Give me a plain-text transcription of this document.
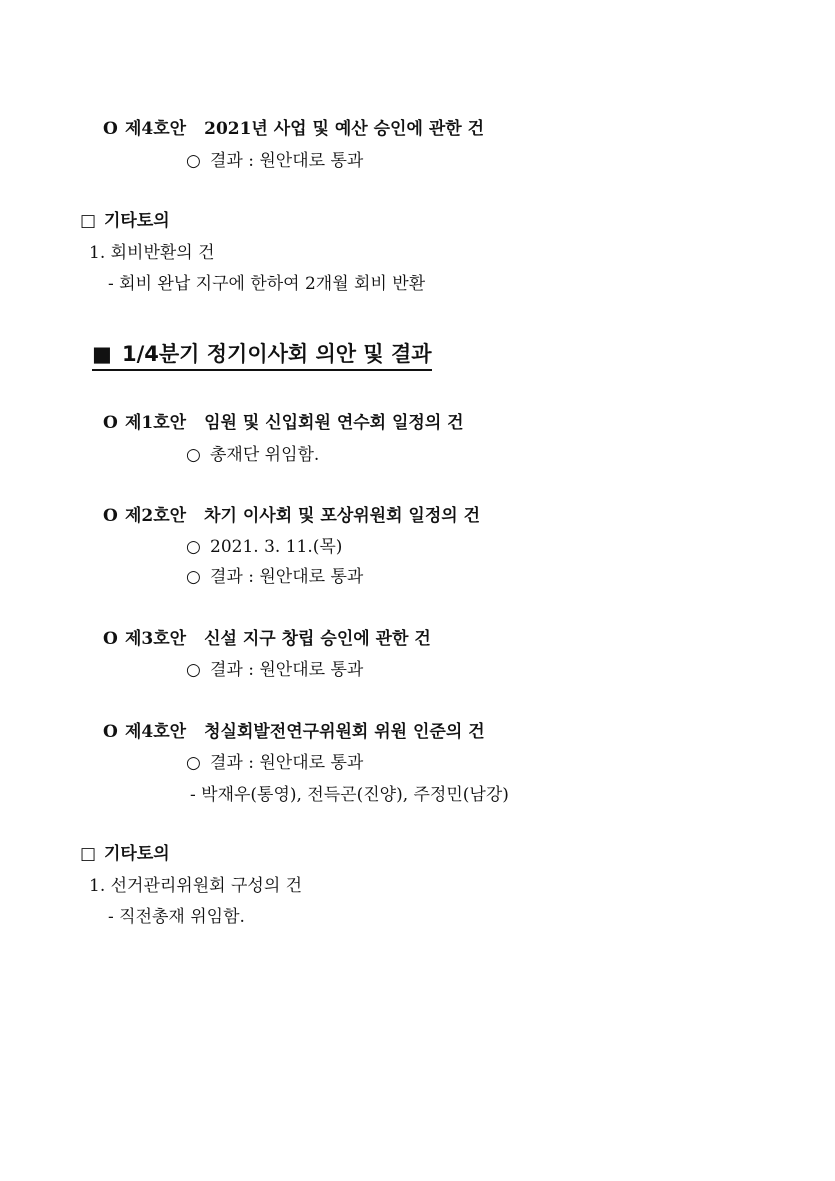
O 제4호안 2021년 사업 및 예산 승인에 관한 건
○ 결과 : 원안대로 통과
□ 기타토의
1. 회비반환의 건
- 회비 완납 지구에 한하여 2개월 회비 반환
■ 1/4분기 정기이사회 의안 및 결과
O 제1호안 임원 및 신입회원 연수회 일정의 건
○ 총재단 위임함.
O 제2호안 차기 이사회 및 포상위원회 일정의 건
○ 2021. 3. 11.(목)
○ 결과 : 원안대로 통과
O 제3호안 신설 지구 창립 승인에 관한 건
○ 결과 : 원안대로 통과
O 제4호안 청실회발전연구위원회 위원 인준의 건
○ 결과 : 원안대로 통과
- 박재우(통영), 전득곤(진양), 주정민(남강)
□ 기타토의
1. 선거관리위원회 구성의 건
- 직전총재 위임함.
